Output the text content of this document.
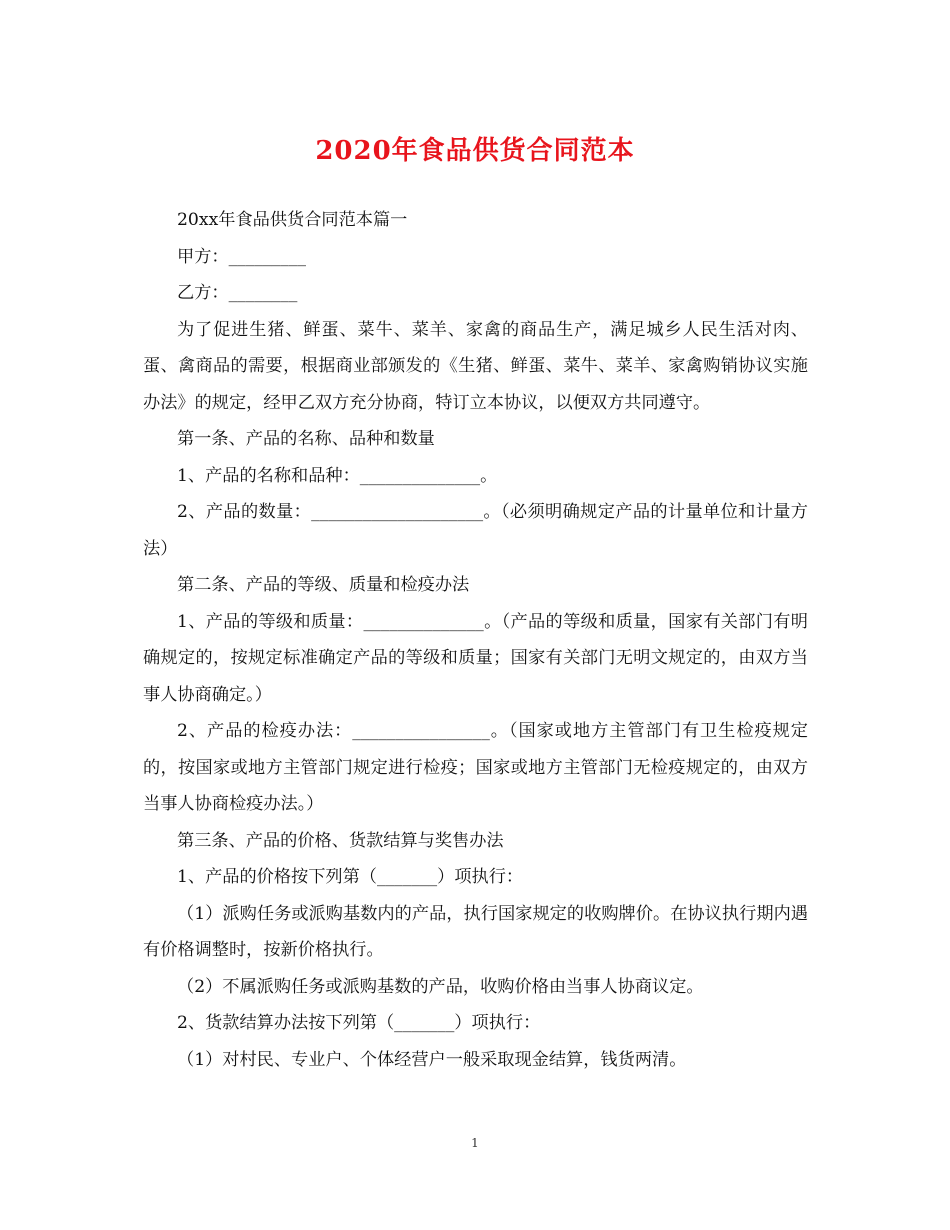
2020年食品供货合同范本

20xx年食品供货合同范本篇一

甲方：_________

乙方：________

为了促进生猪、鲜蛋、菜牛、菜羊、家禽的商品生产，满足城乡人民生活对肉、蛋、禽商品的需要，根据商业部颁发的《生猪、鲜蛋、菜牛、菜羊、家禽购销协议实施办法》的规定，经甲乙双方充分协商，特订立本协议，以便双方共同遵守。

第一条、产品的名称、品种和数量

1、产品的名称和品种：______________。

2、产品的数量：____________________。（必须明确规定产品的计量单位和计量方法）

第二条、产品的等级、质量和检疫办法

1、产品的等级和质量：______________。（产品的等级和质量，国家有关部门有明确规定的，按规定标准确定产品的等级和质量；国家有关部门无明文规定的，由双方当事人协商确定。）

2、产品的检疫办法：________________。（国家或地方主管部门有卫生检疫规定的，按国家或地方主管部门规定进行检疫；国家或地方主管部门无检疫规定的，由双方当事人协商检疫办法。）

第三条、产品的价格、货款结算与奖售办法

1、产品的价格按下列第（_______）项执行：

（1）派购任务或派购基数内的产品，执行国家规定的收购牌价。在协议执行期内遇有价格调整时，按新价格执行。

（2）不属派购任务或派购基数的产品，收购价格由当事人协商议定。

2、货款结算办法按下列第（_______）项执行：

（1）对村民、专业户、个体经营户一般采取现金结算，钱货两清。

1
